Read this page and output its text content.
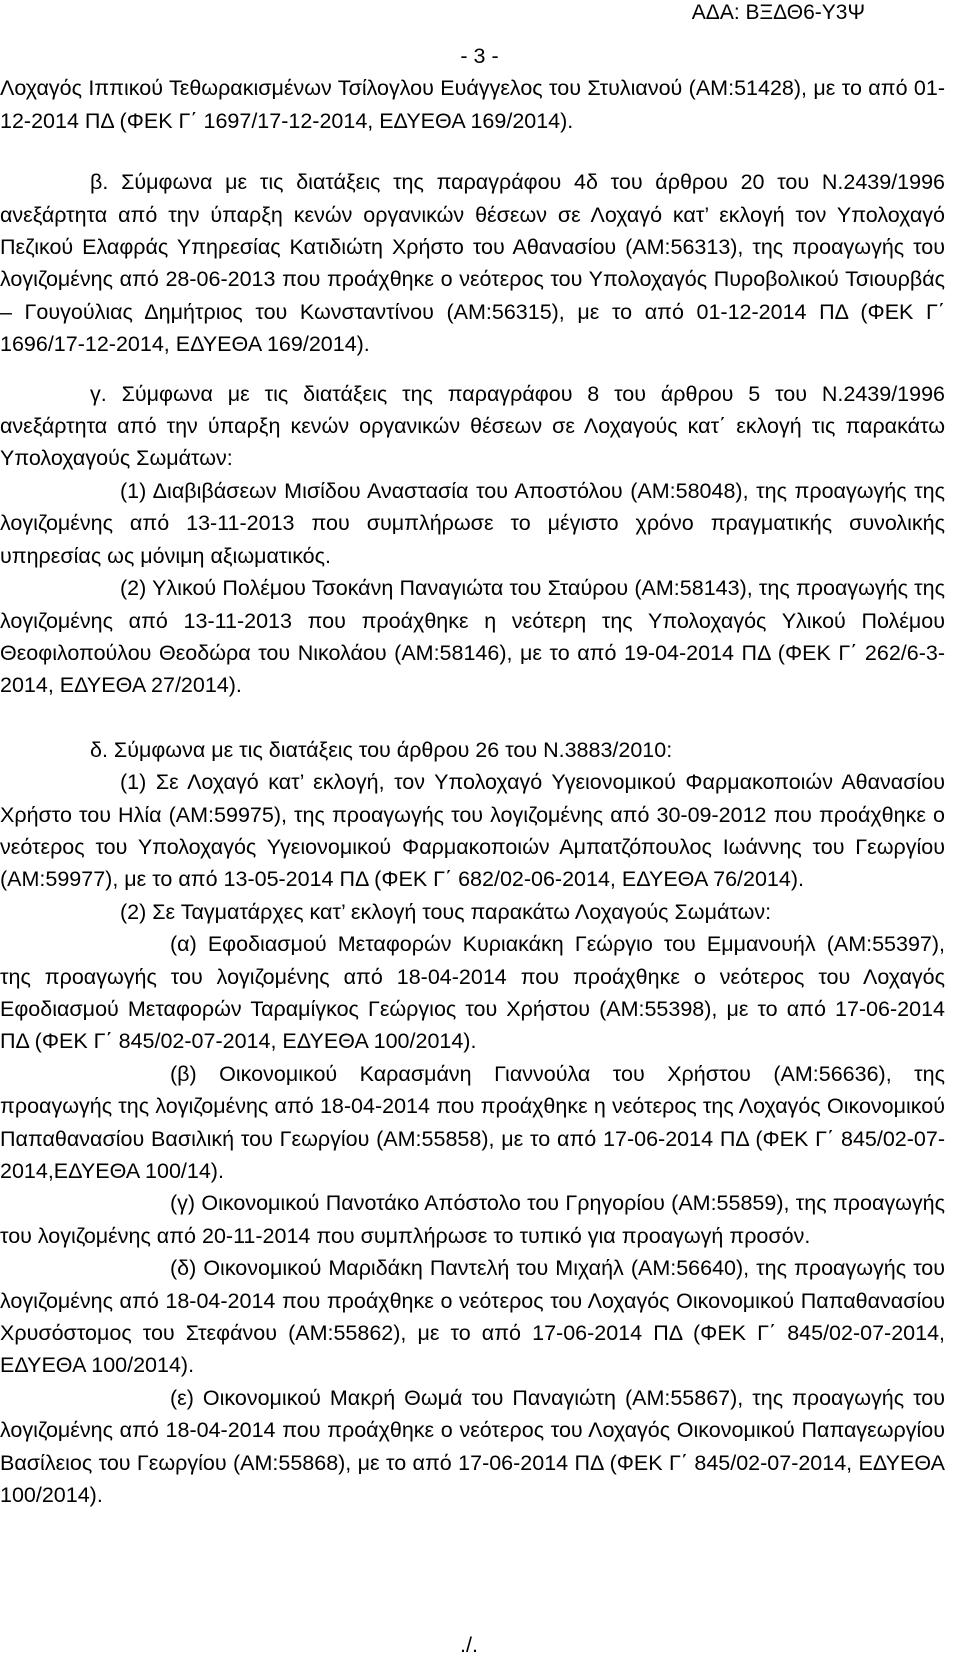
ΑΔΑ: ΒΞΔΘ6-Υ3Ψ
- 3 -

Λοχαγός Ιππικού Τεθωρακισμένων Τσίλογλου Ευάγγελος του Στυλιανού (ΑΜ:51428), με το από 01-12-2014 ΠΔ (ΦΕΚ Γ΄ 1697/17-12-2014, ΕΔΥΕΘΑ 169/2014).

β. Σύμφωνα με τις διατάξεις της παραγράφου 4δ του άρθρου 20 του Ν.2439/1996 ανεξάρτητα από την ύπαρξη κενών οργανικών θέσεων σε Λοχαγό κατ’ εκλογή τον Υπολοχαγό Πεζικού Ελαφράς Υπηρεσίας Κατιδιώτη Χρήστο του Αθανασίου (ΑΜ:56313), της προαγωγής του λογιζομένης από 28-06-2013 που προάχθηκε ο νεότερος του Υπολοχαγός Πυροβολικού Τσιουρβάς – Γουγούλιας Δημήτριος του Κωνσταντίνου (ΑΜ:56315), με το από 01-12-2014 ΠΔ (ΦΕΚ Γ΄ 1696/17-12-2014, ΕΔΥΕΘΑ 169/2014).

γ. Σύμφωνα με τις διατάξεις της παραγράφου 8 του άρθρου 5 του Ν.2439/1996 ανεξάρτητα από την ύπαρξη κενών οργανικών θέσεων σε Λοχαγούς κατ΄ εκλογή τις παρακάτω Υπολοχαγούς Σωμάτων:

(1) Διαβιβάσεων Μισίδου Αναστασία του Αποστόλου (ΑΜ:58048), της προαγωγής της λογιζομένης από 13-11-2013 που συμπλήρωσε το μέγιστο χρόνο πραγματικής συνολικής υπηρεσίας ως μόνιμη αξιωματικός.

(2) Υλικού Πολέμου Τσοκάνη Παναγιώτα του Σταύρου (ΑΜ:58143), της προαγωγής της λογιζομένης από 13-11-2013 που προάχθηκε η νεότερη της Υπολοχαγός Υλικού Πολέμου Θεοφιλοπούλου Θεοδώρα του Νικολάου (ΑΜ:58146), με το από 19-04-2014 ΠΔ (ΦΕΚ Γ΄ 262/6-3-2014, ΕΔΥΕΘΑ 27/2014).

δ. Σύμφωνα με τις διατάξεις του άρθρου 26 του Ν.3883/2010:

(1) Σε Λοχαγό κατ’ εκλογή, τον Υπολοχαγό Υγειονομικού Φαρμακοποιών Αθανασίου Χρήστο του Ηλία (ΑΜ:59975), της προαγωγής του λογιζομένης από 30-09-2012 που προάχθηκε ο νεότερος του Υπολοχαγός Υγειονομικού Φαρμακοποιών Αμπατζόπουλος Ιωάννης του Γεωργίου (ΑΜ:59977), με το από 13-05-2014 ΠΔ (ΦΕΚ Γ΄ 682/02-06-2014, ΕΔΥΕΘΑ 76/2014).

(2) Σε Ταγματάρχες κατ’ εκλογή τους παρακάτω Λοχαγούς Σωμάτων:

(α) Εφοδιασμού Μεταφορών Κυριακάκη Γεώργιο του Εμμανουήλ (ΑΜ:55397), της προαγωγής του λογιζομένης από 18-04-2014 που προάχθηκε ο νεότερος του Λοχαγός Εφοδιασμού Μεταφορών Ταραμίγκος Γεώργιος του Χρήστου (ΑΜ:55398), με το από 17-06-2014 ΠΔ (ΦΕΚ Γ΄ 845/02-07-2014, ΕΔΥΕΘΑ 100/2014).

(β) Οικονομικού Καρασμάνη Γιαννούλα του Χρήστου (ΑΜ:56636), της προαγωγής της λογιζομένης από 18-04-2014 που προάχθηκε η νεότερος της Λοχαγός Οικονομικού Παπαθανασίου Βασιλική του Γεωργίου (ΑΜ:55858), με το από 17-06-2014 ΠΔ (ΦΕΚ Γ΄ 845/02-07-2014,ΕΔΥΕΘΑ 100/14).

(γ) Οικονομικού Πανοτάκο Απόστολο του Γρηγορίου (ΑΜ:55859), της προαγωγής του λογιζομένης από 20-11-2014 που συμπλήρωσε το τυπικό για προαγωγή προσόν.

(δ) Οικονομικού Μαριδάκη Παντελή του Μιχαήλ (ΑΜ:56640), της προαγωγής του λογιζομένης από 18-04-2014 που προάχθηκε ο νεότερος του Λοχαγός Οικονομικού Παπαθανασίου Χρυσόστομος του Στεφάνου (ΑΜ:55862), με το από 17-06-2014 ΠΔ (ΦΕΚ Γ΄ 845/02-07-2014, ΕΔΥΕΘΑ 100/2014).

(ε) Οικονομικού Μακρή Θωμά του Παναγιώτη (ΑΜ:55867), της προαγωγής του λογιζομένης από 18-04-2014 που προάχθηκε ο νεότερος του Λοχαγός Οικονομικού Παπαγεωργίου Βασίλειος του Γεωργίου (ΑΜ:55868), με το από 17-06-2014 ΠΔ (ΦΕΚ Γ΄ 845/02-07-2014, ΕΔΥΕΘΑ 100/2014).

./.
